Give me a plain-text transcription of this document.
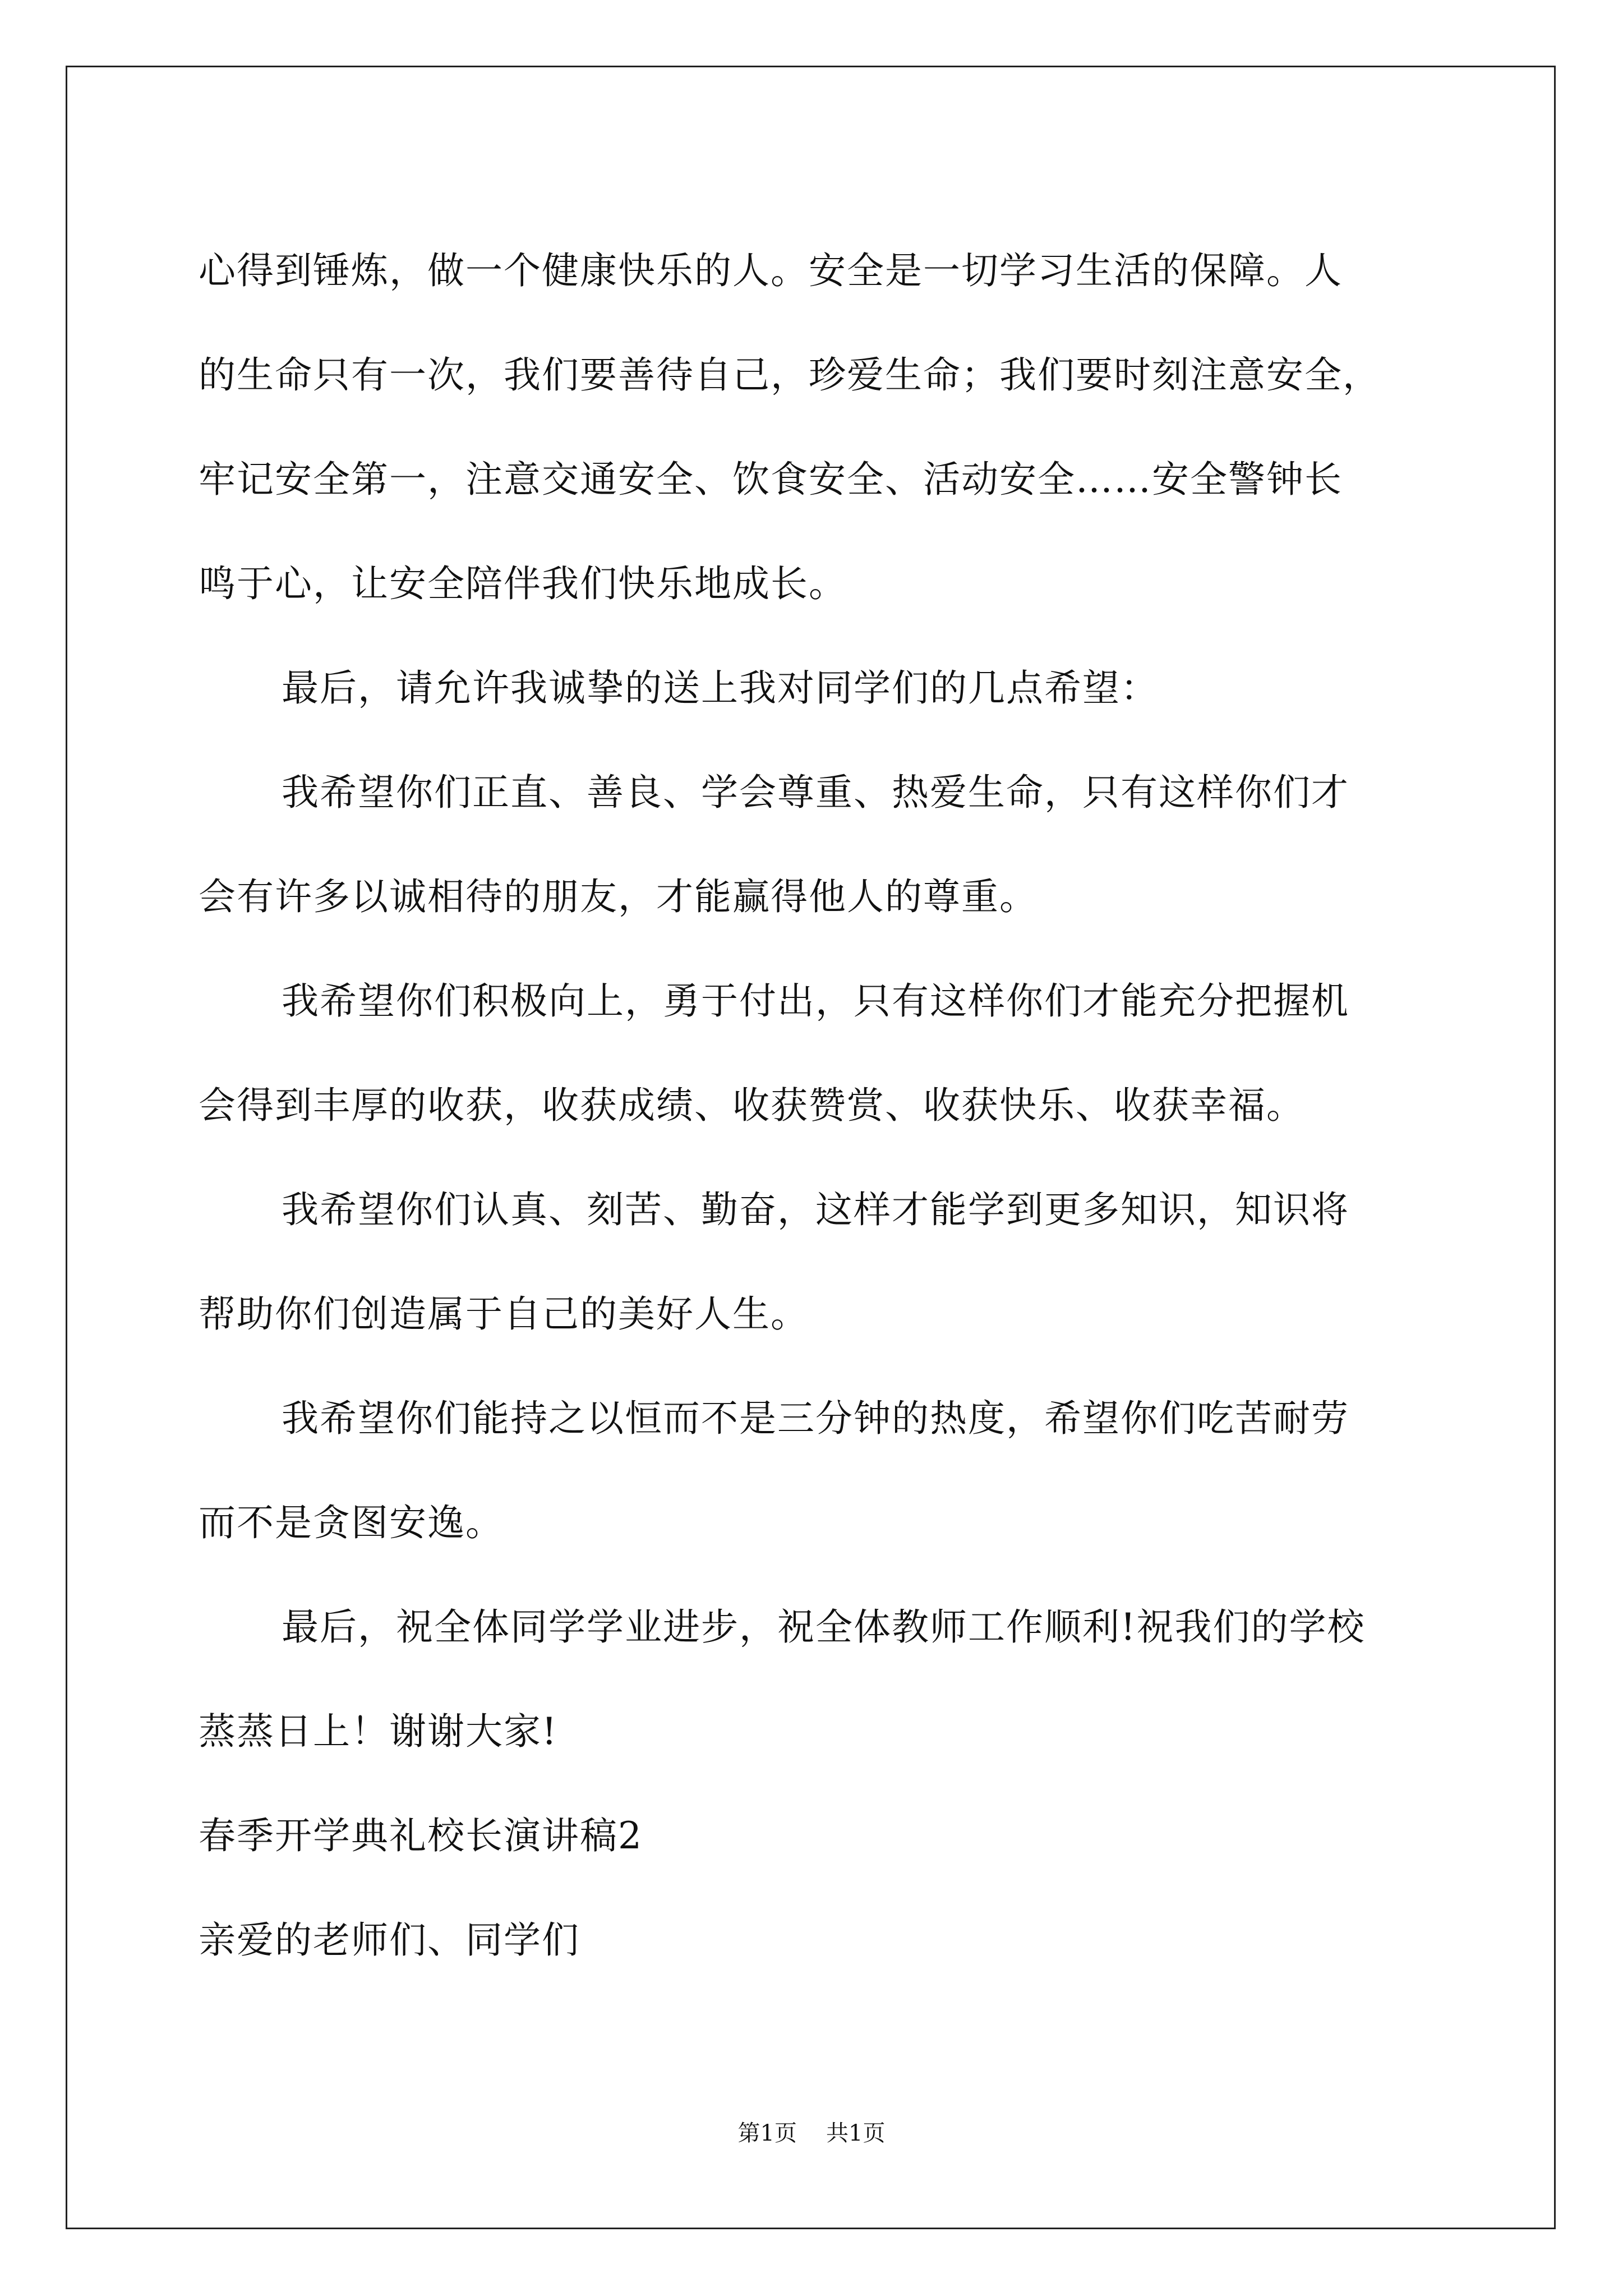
心得到锤炼，做一个健康快乐的人。安全是一切学习生活的保障。人
的生命只有一次，我们要善待自己，珍爱生命；我们要时刻注意安全，
牢记安全第一，注意交通安全、饮食安全、活动安全……安全警钟长
鸣于心，让安全陪伴我们快乐地成长。
最后，请允许我诚挚的送上我对同学们的几点希望：
我希望你们正直、善良、学会尊重、热爱生命，只有这样你们才
会有许多以诚相待的朋友，才能赢得他人的尊重。
我希望你们积极向上，勇于付出，只有这样你们才能充分把握机
会得到丰厚的收获，收获成绩、收获赞赏、收获快乐、收获幸福。
我希望你们认真、刻苦、勤奋，这样才能学到更多知识，知识将
帮助你们创造属于自己的美好人生。
我希望你们能持之以恒而不是三分钟的热度，希望你们吃苦耐劳
而不是贪图安逸。
最后，祝全体同学学业进步，祝全体教师工作顺利!祝我们的学校
蒸蒸日上！谢谢大家!
春季开学典礼校长演讲稿2
亲爱的老师们、同学们
第1页 共1页
